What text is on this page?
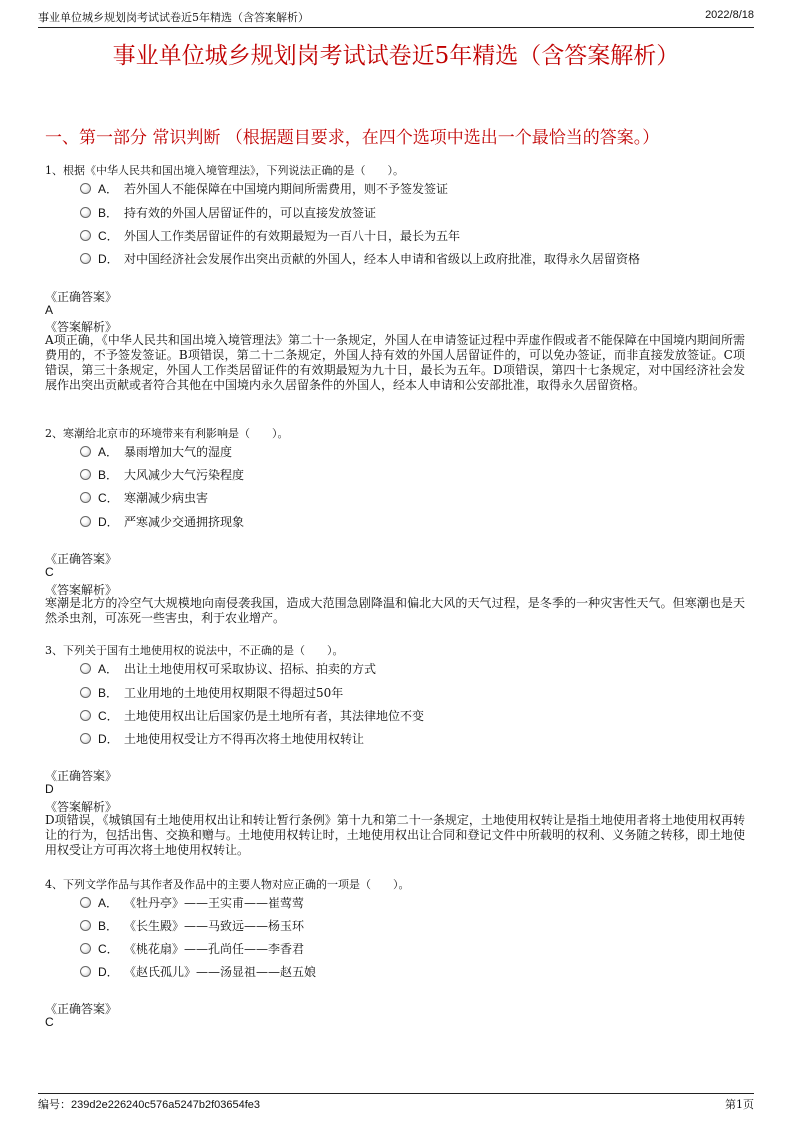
事业单位城乡规划岗考试试卷近5年精选（含答案解析）	2022/8/18
事业单位城乡规划岗考试试卷近5年精选（含答案解析）
一、第一部分 常识判断 （根据题目要求，在四个选项中选出一个最恰当的答案。）
1、根据《中华人民共和国出境入境管理法》，下列说法正确的是（　　）。
A． 若外国人不能保障在中国境内期间所需费用，则不予签发签证
B． 持有效的外国人居留证件的，可以直接发放签证
C． 外国人工作类居留证件的有效期最短为一百八十日，最长为五年
D． 对中国经济社会发展作出突出贡献的外国人，经本人申请和省级以上政府批准，取得永久居留资格
《正确答案》
A
《答案解析》
A项正确，《中华人民共和国出境入境管理法》第二十一条规定，外国人在申请签证过程中弄虚作假或者不能保障在中国境内期间所需费用的，不予签发签证。B项错误，第二十二条规定，外国人持有效的外国人居留证件的，可以免办签证，而非直接发放签证。C项错误，第三十条规定，外国人工作类居留证件的有效期最短为九十日，最长为五年。D项错误，第四十七条规定，对中国经济社会发展作出突出贡献或者符合其他在中国境内永久居留条件的外国人，经本人申请和公安部批准，取得永久居留资格。
2、寒潮给北京市的环境带来有利影响是（　　）。
A． 暴雨增加大气的湿度
B． 大风减少大气污染程度
C． 寒潮减少病虫害
D． 严寒减少交通拥挤现象
《正确答案》
C
《答案解析》
寒潮是北方的冷空气大规模地向南侵袭我国，造成大范围急剧降温和偏北大风的天气过程，是冬季的一种灾害性天气。但寒潮也是天然杀虫剂，可冻死一些害虫，利于农业增产。
3、下列关于国有土地使用权的说法中，不正确的是（　　）。
A． 出让土地使用权可采取协议、招标、拍卖的方式
B． 工业用地的土地使用权期限不得超过50年
C． 土地使用权出让后国家仍是土地所有者，其法律地位不变
D． 土地使用权受让方不得再次将土地使用权转让
《正确答案》
D
《答案解析》
D项错误，《城镇国有土地使用权出让和转让暂行条例》第十九和第二十一条规定，土地使用权转让是指土地使用者将土地使用权再转让的行为，包括出售、交换和赠与。土地使用权转让时，土地使用权出让合同和登记文件中所载明的权利、义务随之转移，即土地使用权受让方可再次将土地使用权转让。
4、下列文学作品与其作者及作品中的主要人物对应正确的一项是（　　）。
A． 《牡丹亭》——王实甫——崔莺莺
B． 《长生殿》——马致远——杨玉环
C． 《桃花扇》——孔尚任——李香君
D． 《赵氏孤儿》——汤显祖——赵五娘
《正确答案》
C
编号：239d2e226240c576a5247b2f03654fe3	第1页
